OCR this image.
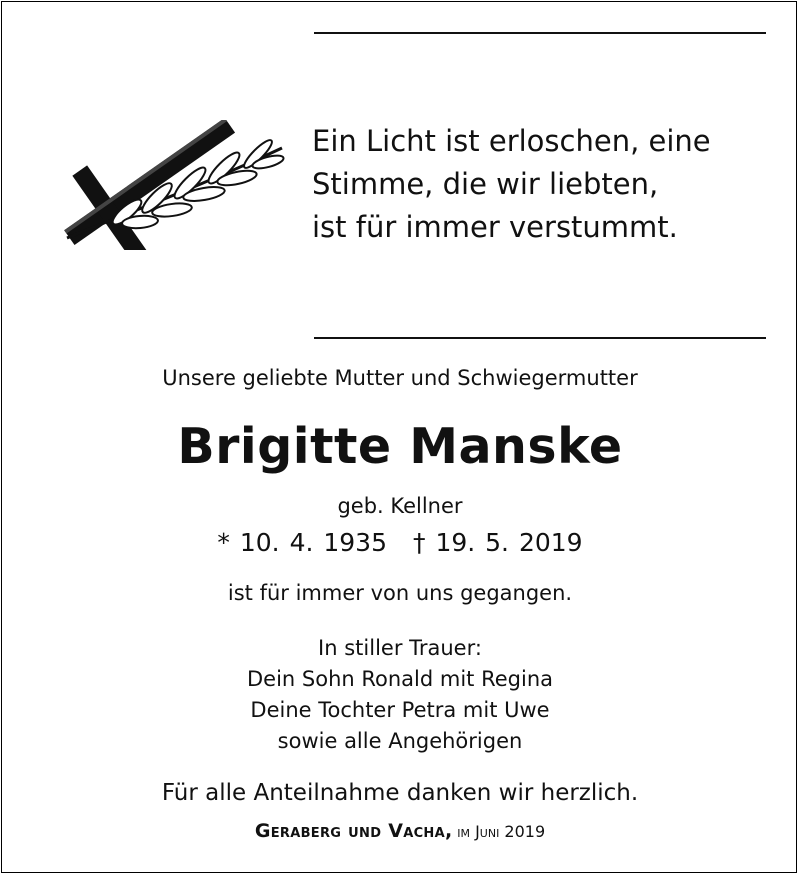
Ein Licht ist erloschen, eine
Stimme, die wir liebten,
ist für immer verstummt.
Unsere geliebte Mutter und Schwiegermutter
Brigitte Manske
geb. Kellner
* 10. 4. 1935 † 19. 5. 2019
ist für immer von uns gegangen.
In stiller Trauer:
Dein Sohn Ronald mit Regina
Deine Tochter Petra mit Uwe
sowie alle Angehörigen
Für alle Anteilnahme danken wir herzlich.
Geraberg und Vacha, im Juni 2019
